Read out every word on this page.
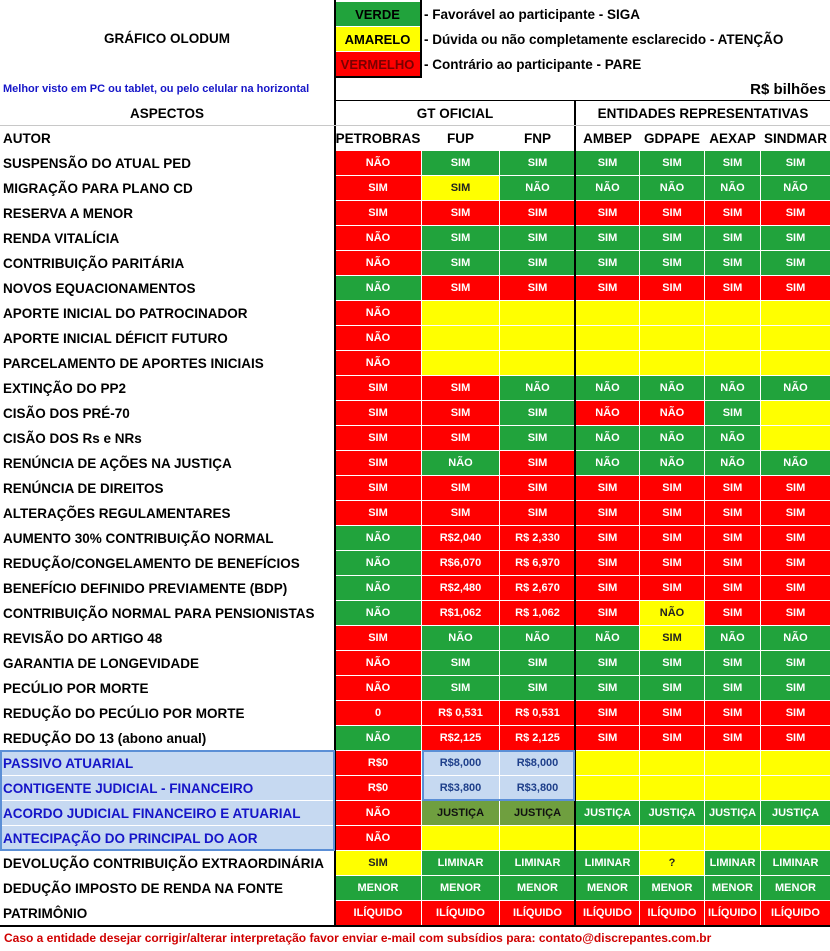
GRÁFICO OLODUM
VERDE	- Favorável ao participante - SIGA
AMARELO	- Dúvida ou não completamente esclarecido - ATENÇÃO
VERMELHO - Contrário ao participante - PARE
Melhor visto em PC ou tablet, ou pelo celular na horizontal	R$ bilhões
ASPECTOS	GT OFICIAL	ENTIDADES REPRESENTATIVAS
AUTOR	PETROBRAS	FUP	FNP	AMBEP GDPAPE AEXAP SINDMAR
SUSPENSÃO DO ATUAL PED	NÃO	SIM	SIM	SIM	SIM	SIM	SIM
MIGRAÇÃO PARA PLANO CD	SIM	SIM	NÃO	NÃO	NÃO	NÃO	NÃO
RESERVA A MENOR	SIM	SIM	SIM	SIM	SIM	SIM	SIM
RENDA VITALÍCIA	NÃO	SIM	SIM	SIM	SIM	SIM	SIM
CONTRIBUIÇÃO PARITÁRIA	NÃO	SIM	SIM	SIM	SIM	SIM	SIM
NOVOS EQUACIONAMENTOS	NÃO	SIM	SIM	SIM	SIM	SIM	SIM
APORTE INICIAL DO PATROCINADOR	NÃO
APORTE INICIAL DÉFICIT FUTURO	NÃO
PARCELAMENTO DE APORTES INICIAIS	NÃO
EXTINÇÃO DO PP2	SIM	SIM	NÃO	NÃO	NÃO	NÃO	NÃO
CISÃO DOS PRÉ-70	SIM	SIM	SIM	NÃO	NÃO	SIM
CISÃO DOS Rs e NRs	SIM	SIM	SIM	NÃO	NÃO	NÃO
RENÚNCIA DE AÇÕES NA JUSTIÇA	SIM	NÃO	SIM	NÃO	NÃO	NÃO	NÃO
RENÚNCIA DE DIREITOS	SIM	SIM	SIM	SIM	SIM	SIM	SIM
ALTERAÇÕES REGULAMENTARES	SIM	SIM	SIM	SIM	SIM	SIM	SIM
AUMENTO 30% CONTRIBUIÇÃO NORMAL	NÃO	R$2,040	R$ 2,330	SIM	SIM	SIM	SIM
REDUÇÃO/CONGELAMENTO DE BENEFÍCIOS	NÃO	R$6,070	R$ 6,970	SIM	SIM	SIM	SIM
BENEFÍCIO DEFINIDO PREVIAMENTE (BDP)	NÃO	R$2,480	R$ 2,670	SIM	SIM	SIM	SIM
CONTRIBUIÇÃO NORMAL PARA PENSIONISTAS	NÃO	R$1,062	R$ 1,062	SIM	NÃO	SIM	SIM
REVISÃO DO ARTIGO 48	SIM	NÃO	NÃO	NÃO	SIM	NÃO	NÃO
GARANTIA DE LONGEVIDADE	NÃO	SIM	SIM	SIM	SIM	SIM	SIM
PECÚLIO POR MORTE	NÃO	SIM	SIM	SIM	SIM	SIM	SIM
REDUÇÃO DO PECÚLIO POR MORTE	0	R$ 0,531	R$ 0,531	SIM	SIM	SIM	SIM
REDUÇÃO DO 13 (abono anual)	NÃO	R$2,125	R$ 2,125	SIM	SIM	SIM	SIM
PASSIVO ATUARIAL	R$0	R$8,000	R$8,000
CONTIGENTE JUDICIAL - FINANCEIRO	R$0	R$3,800	R$3,800
ACORDO JUDICIAL FINANCEIRO E ATUARIAL	NÃO	JUSTIÇA	JUSTIÇA	JUSTIÇA	JUSTIÇA	JUSTIÇA	JUSTIÇA
ANTECIPAÇÃO DO PRINCIPAL DO AOR	NÃO
DEVOLUÇÃO CONTRIBUIÇÃO EXTRAORDINÁRIA	SIM	LIMINAR	LIMINAR	LIMINAR	?	LIMINAR	LIMINAR
DEDUÇÃO IMPOSTO DE RENDA NA FONTE	MENOR	MENOR	MENOR	MENOR	MENOR	MENOR	MENOR
PATRIMÔNIO	ILÍQUIDO	ILÍQUIDO	ILÍQUIDO	ILÍQUIDO	ILÍQUIDO	ILÍQUIDO	ILÍQUIDO
Caso a entidade desejar corrigir/alterar interpretação favor enviar e-mail com subsídios para: contato@discrepantes.com.br
